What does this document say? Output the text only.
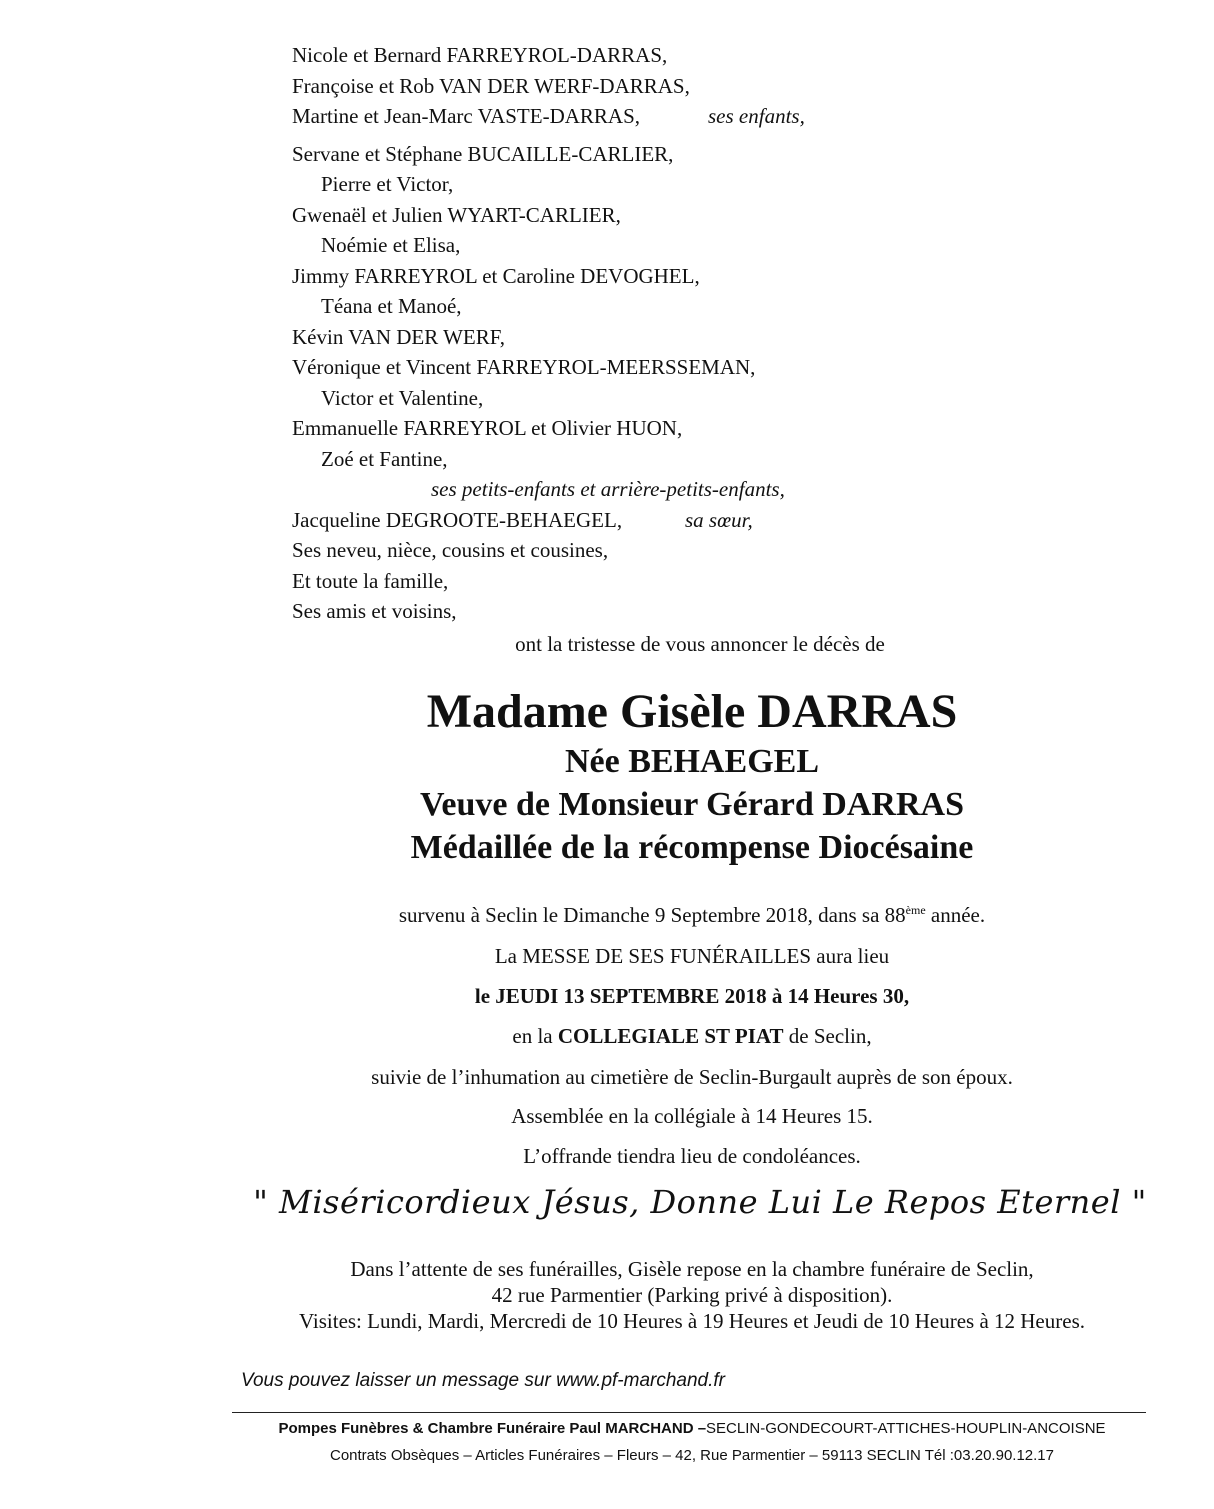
Nicole et Bernard FARREYROL-DARRAS,
Françoise et Rob VAN DER WERF-DARRAS,
Martine et Jean-Marc VASTE-DARRAS,	ses enfants,
Servane et Stéphane BUCAILLE-CARLIER,
Pierre et Victor,
Gwenaël et Julien WYART-CARLIER,
Noémie et Elisa,
Jimmy FARREYROL et Caroline DEVOGHEL,
Téana et Manoé,
Kévin VAN DER WERF,
Véronique et Vincent FARREYROL-MEERSSEMAN,
Victor et Valentine,
Emmanuelle FARREYROL et Olivier HUON,
Zoé et Fantine,
ses petits-enfants et arrière-petits-enfants,
Jacqueline DEGROOTE-BEHAEGEL,	sa sœur,
Ses neveu, nièce, cousins et cousines,
Et toute la famille,
Ses amis et voisins,
ont la tristesse de vous annoncer le décès de
Madame Gisèle DARRAS
Née BEHAEGEL
Veuve de Monsieur Gérard DARRAS
Médaillée de la récompense Diocésaine
survenu à Seclin le Dimanche 9 Septembre 2018, dans sa 88ème année.
La MESSE DE SES FUNÉRAILLES aura lieu
le JEUDI 13 SEPTEMBRE 2018 à 14 Heures 30,
en la COLLEGIALE ST PIAT de Seclin,
suivie de l’inhumation au cimetière de Seclin-Burgault auprès de son époux.
Assemblée en la collégiale à 14 Heures 15.
L’offrande tiendra lieu de condoléances.
" Miséricordieux Jésus, Donne Lui Le Repos Eternel "
Dans l’attente de ses funérailles, Gisèle repose en la chambre funéraire de Seclin,
42 rue Parmentier (Parking privé à disposition).
Visites: Lundi, Mardi, Mercredi de 10 Heures à 19 Heures et Jeudi de 10 Heures à 12 Heures.
Vous pouvez laisser un message sur www.pf-marchand.fr
Pompes Funèbres & Chambre Funéraire Paul MARCHAND –SECLIN-GONDECOURT-ATTICHES-HOUPLIN-ANCOISNE
Contrats Obsèques – Articles Funéraires – Fleurs – 42, Rue Parmentier – 59113 SECLIN Tél :03.20.90.12.17
